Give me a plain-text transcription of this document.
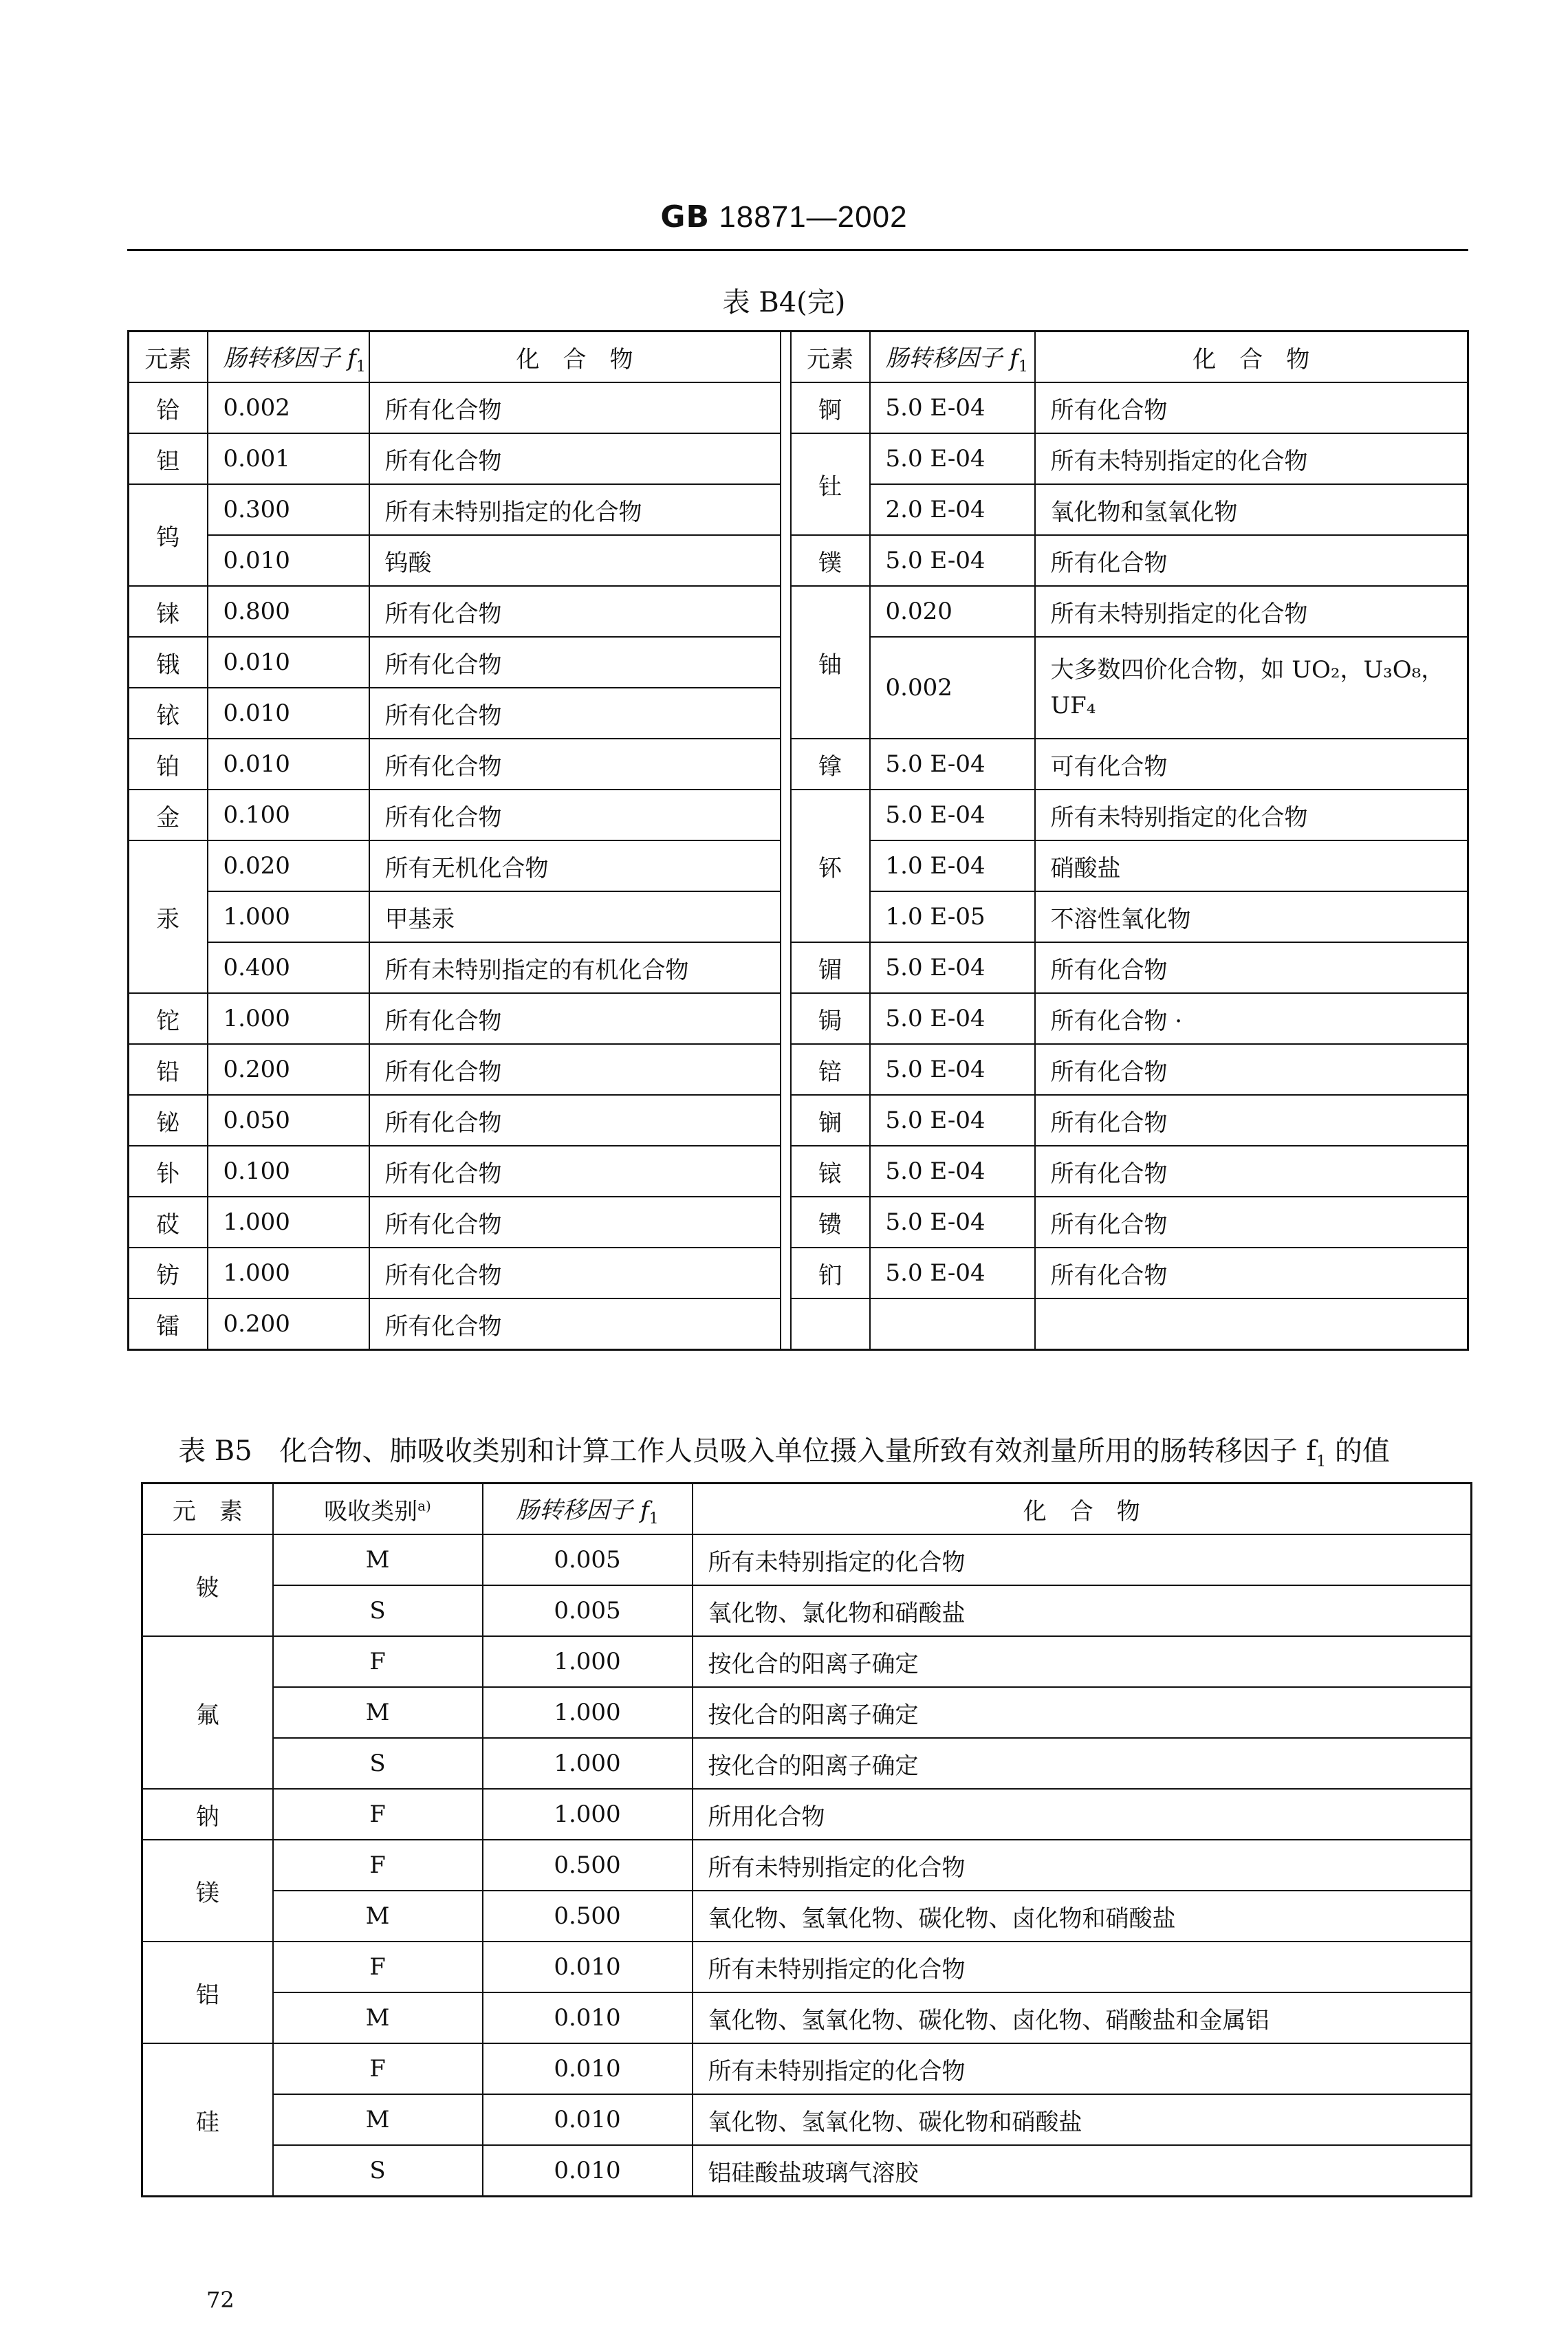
GB 18871—2002
表 B4(完)
元素	肠转移因子 $f_1$	化　合　物		元素	肠转移因子 $f_1$	化　合　物
铪	0.002	所有化合物		锕	5.0 E-04	所有化合物
钽	0.001	所有化合物		钍	5.0 E-04	所有未特别指定的化合物
钨	0.300	所有未特别指定的化合物			2.0 E-04	氧化物和氢氧化物
	0.010	钨酸		镤	5.0 E-04	所有化合物
铼	0.800	所有化合物		铀	0.020	所有未特别指定的化合物
锇	0.010	所有化合物			0.002	大多数四价化合物，如 UO₂，U₃O₈，UF₄
铱	0.010	所有化合物				
铂	0.010	所有化合物		镎	5.0 E-04	可有化合物
金	0.100	所有化合物		钚	5.0 E-04	所有未特别指定的化合物
汞	0.020	所有无机化合物			1.0 E-04	硝酸盐
	1.000	甲基汞			1.0 E-05	不溶性氧化物
	0.400	所有未特别指定的有机化合物		镅	5.0 E-04	所有化合物
铊	1.000	所有化合物		锔	5.0 E-04	所有化合物 ·
铅	0.200	所有化合物		锫	5.0 E-04	所有化合物
铋	0.050	所有化合物		锎	5.0 E-04	所有化合物
钋	0.100	所有化合物		锿	5.0 E-04	所有化合物
砹	1.000	所有化合物		镄	5.0 E-04	所有化合物
钫	1.000	所有化合物		钔	5.0 E-04	所有化合物
镭	0.200	所有化合物				
表 B5　化合物、肺吸收类别和计算工作人员吸入单位摄入量所致有效剂量所用的肠转移因子 $f_1$ 的值
元　素	吸收类别$^{a)}$	肠转移因子 $f_1$	化　合　物
铍	M	0.005	所有未特别指定的化合物
	S	0.005	氧化物、氯化物和硝酸盐
氟	F	1.000	按化合的阳离子确定
	M	1.000	按化合的阳离子确定
	S	1.000	按化合的阳离子确定
钠	F	1.000	所用化合物
镁	F	0.500	所有未特别指定的化合物
	M	0.500	氧化物、氢氧化物、碳化物、卤化物和硝酸盐
铝	F	0.010	所有未特别指定的化合物
	M	0.010	氧化物、氢氧化物、碳化物、卤化物、硝酸盐和金属铝
硅	F	0.010	所有未特别指定的化合物
	M	0.010	氧化物、氢氧化物、碳化物和硝酸盐
	S	0.010	铝硅酸盐玻璃气溶胶
72
